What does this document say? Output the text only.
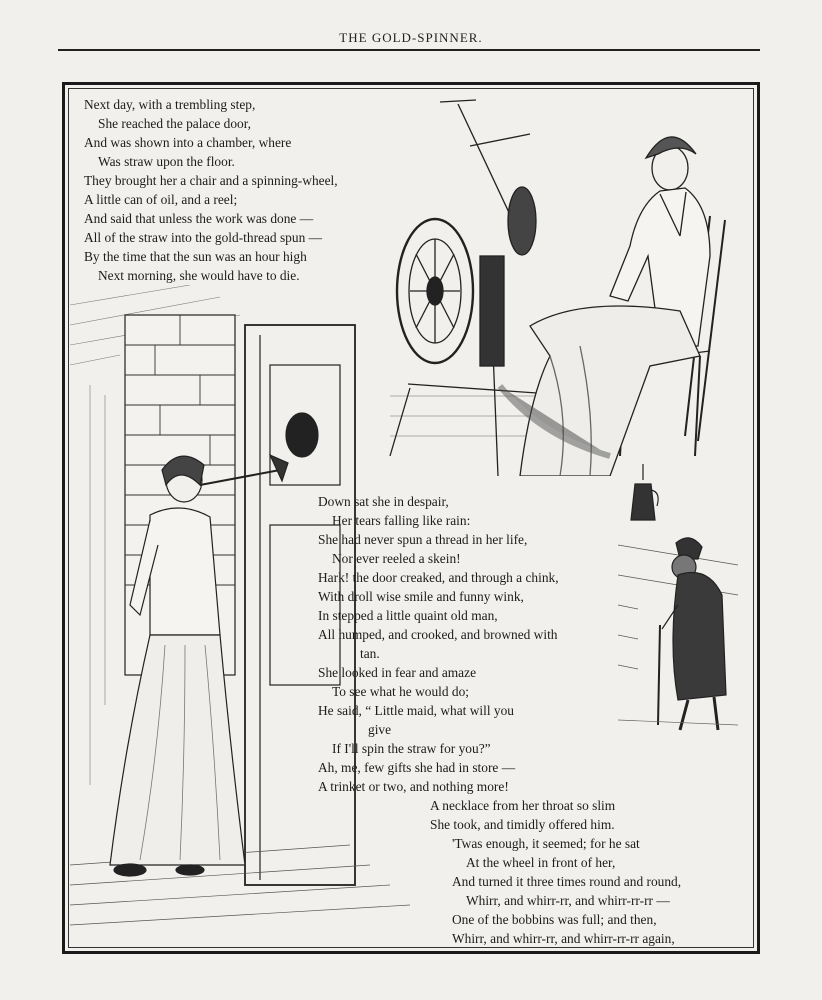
THE GOLD-SPINNER.
Next day, with a trembling step,
She reached the palace door,
And was shown into a chamber, where
Was straw upon the floor.
They brought her a chair and a spinning-wheel,
A little can of oil, and a reel;
And said that unless the work was done —
All of the straw into the gold-thread spun —
By the time that the sun was an hour high
Next morning, she would have to die.
Down sat she in despair,
Her tears falling like rain:
She had never spun a thread in her life,
Nor ever reeled a skein!
Hark! the door creaked, and through a chink,
With droll wise smile and funny wink,
In stepped a little quaint old man,
All humped, and crooked, and browned with
tan.
She looked in fear and amaze
To see what he would do;
He said, “ Little maid, what will you
give
If I'll spin the straw for you?”
Ah, me, few gifts she had in store —
A trinket or two, and nothing more!
A necklace from her throat so slim
She took, and timidly offered him.
'Twas enough, it seemed; for he sat
At the wheel in front of her,
And turned it three times round and round,
Whirr, and whirr-rr, and whirr-rr-rr —
One of the bobbins was full; and then,
Whirr, and whirr-rr, and whirr-rr-rr again,
